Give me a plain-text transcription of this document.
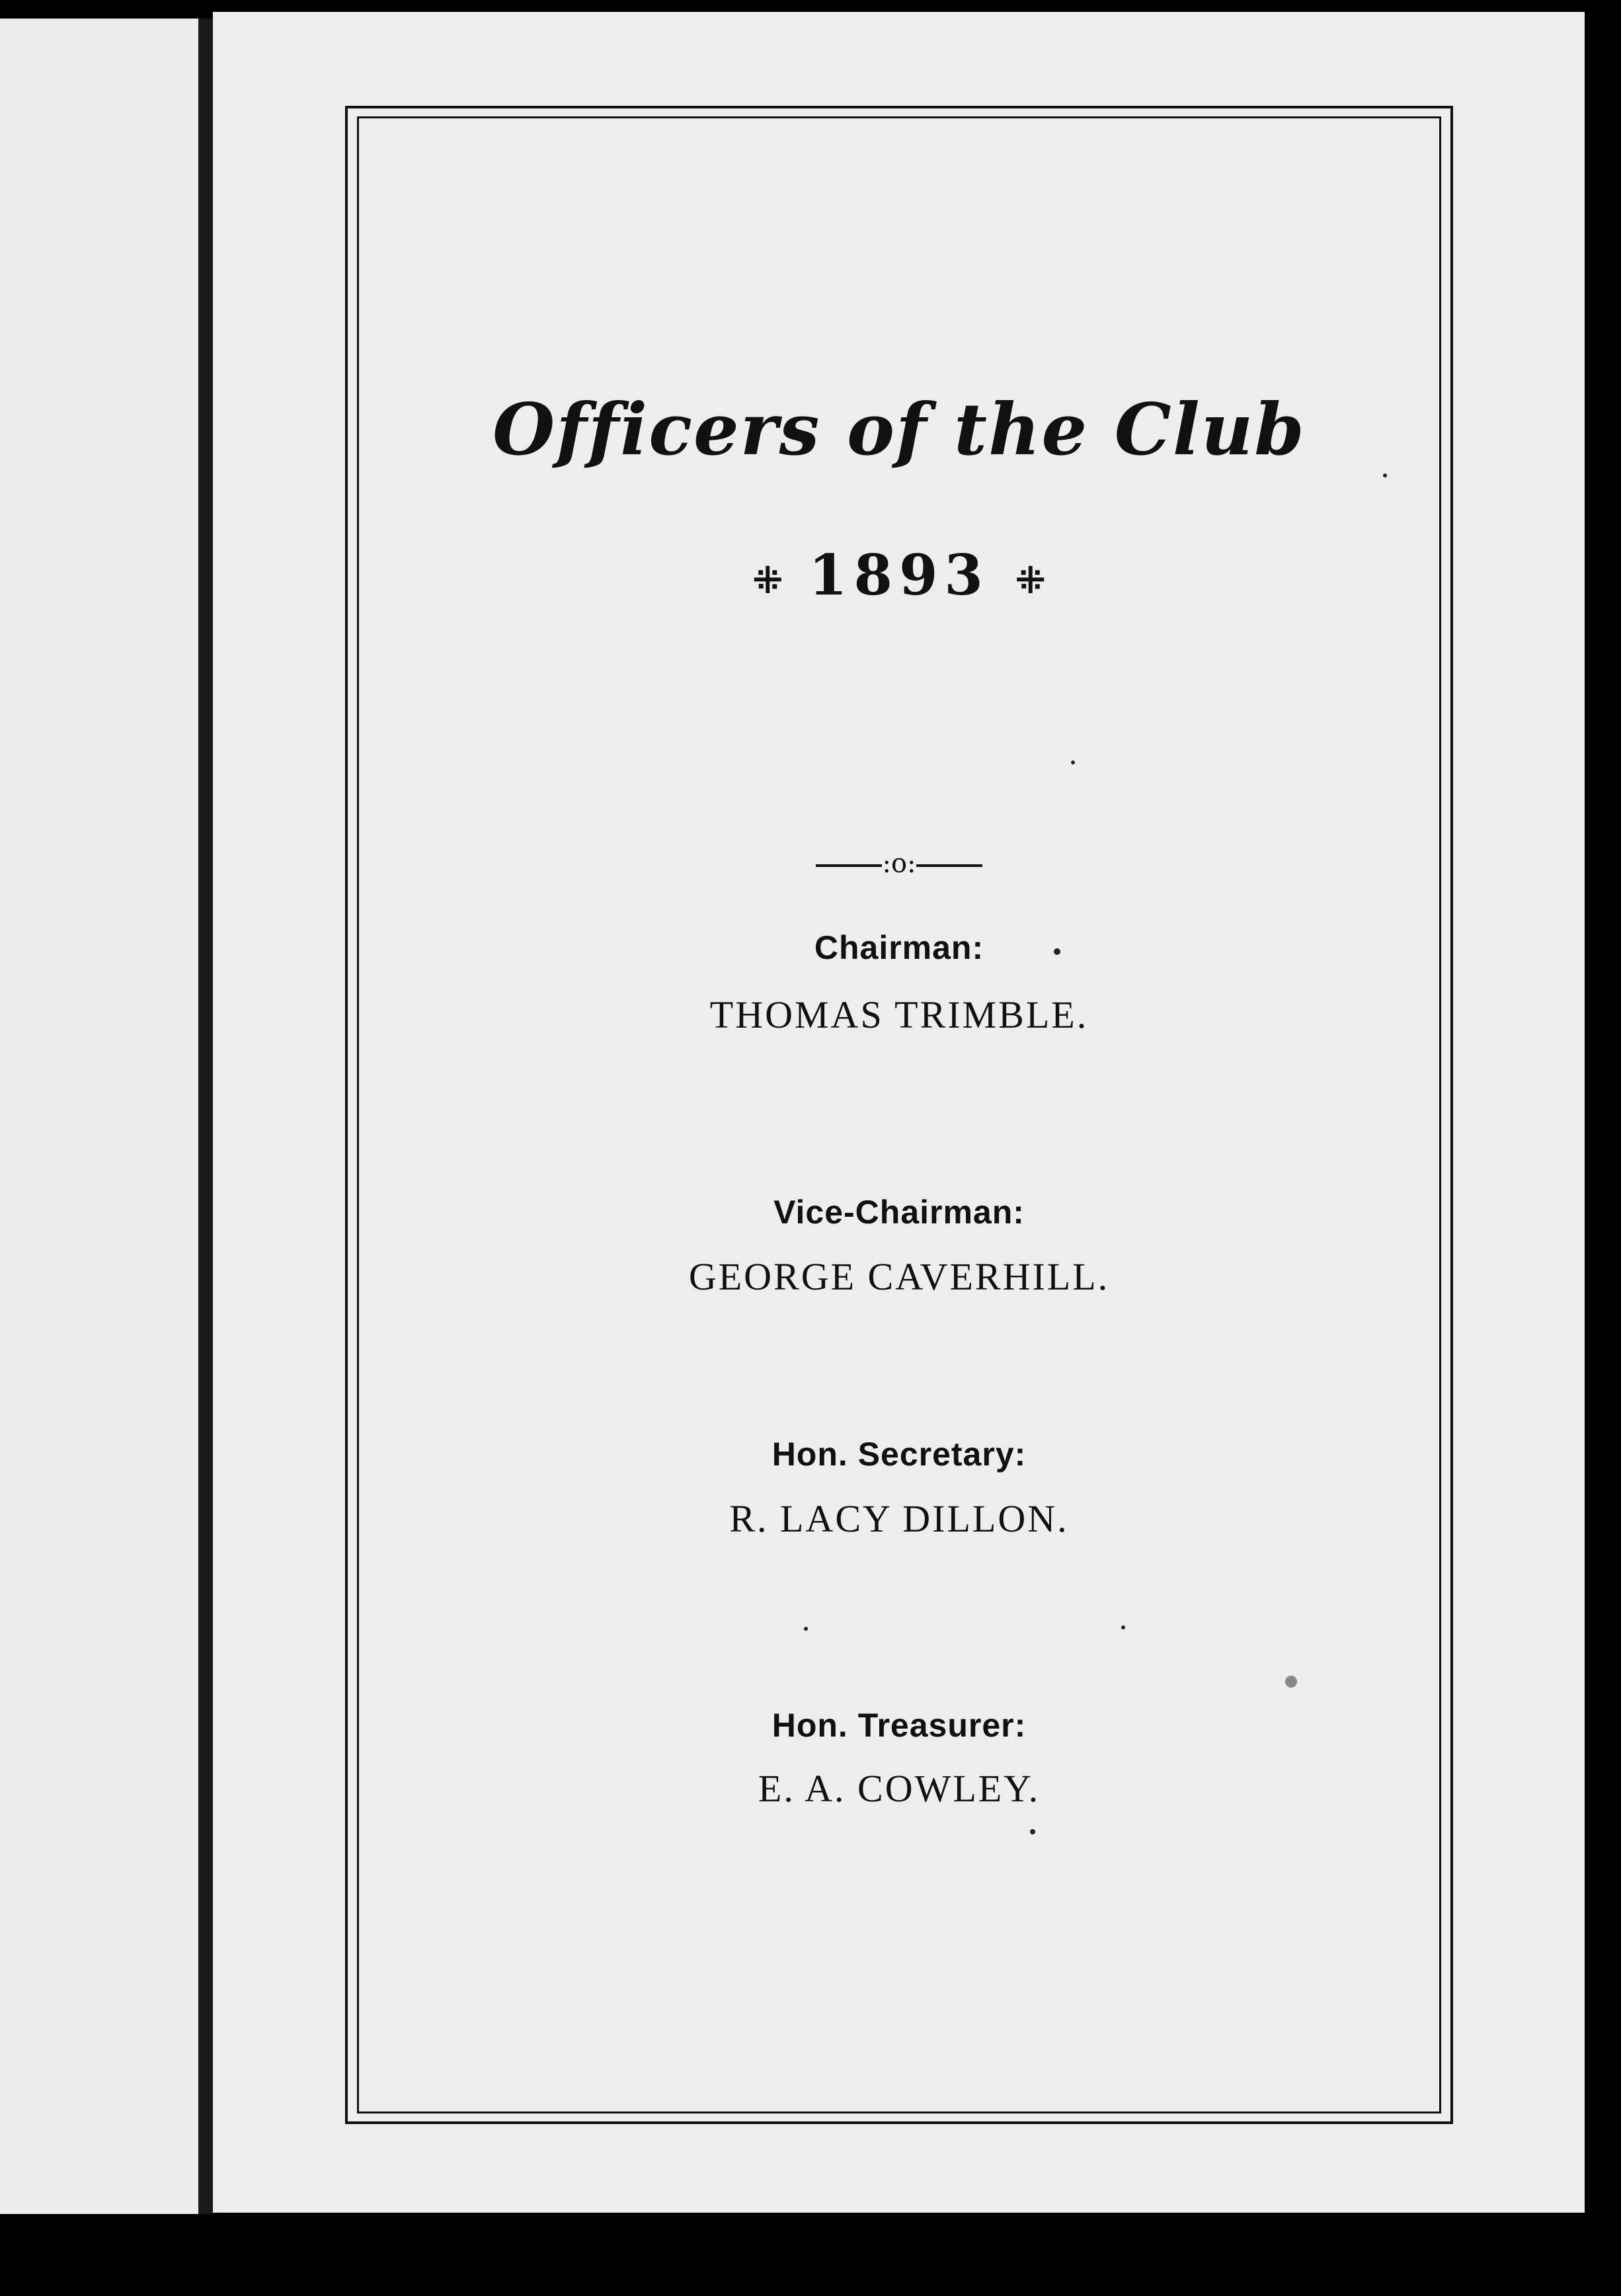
Officers of the Club
⁜ 1893 ⁜
:o:
Chairman:
THOMAS TRIMBLE.
Vice-Chairman:
GEORGE CAVERHILL.
Hon. Secretary:
R. LACY DILLON.
Hon. Treasurer:
E. A. COWLEY.
